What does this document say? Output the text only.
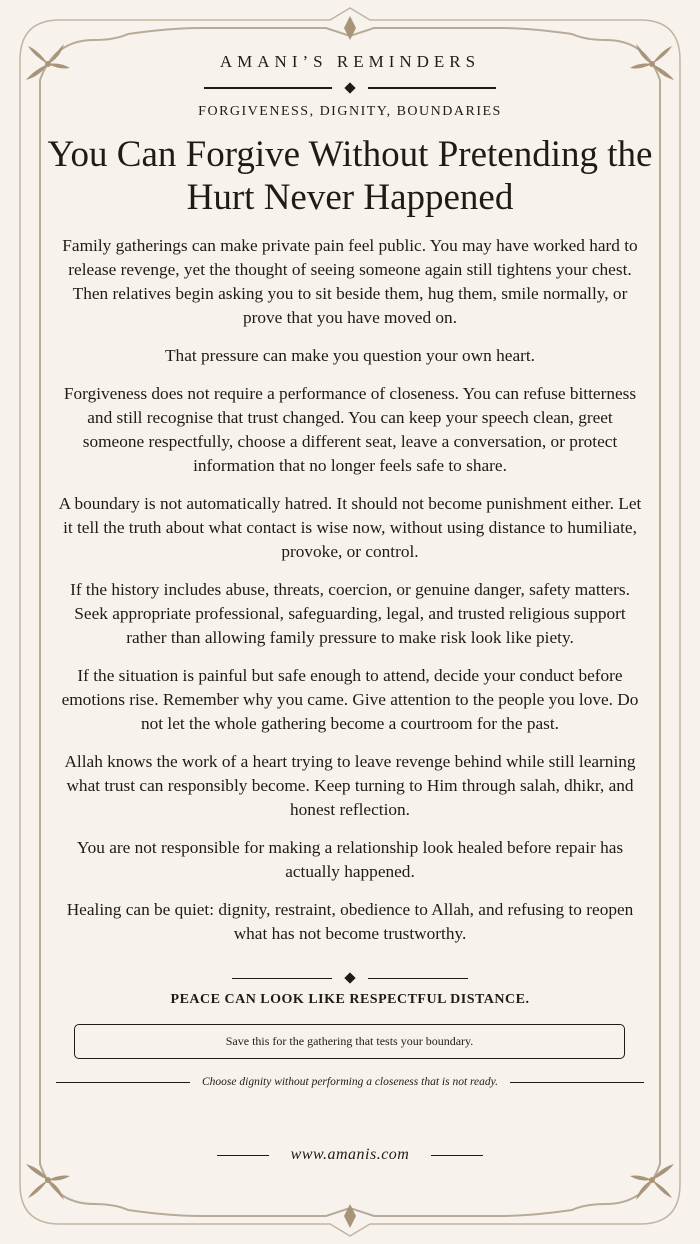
AMANI’S REMINDERS
FORGIVENESS, DIGNITY, BOUNDARIES
You Can Forgive Without Pretending the Hurt Never Happened

Family gatherings can make private pain feel public. You may have worked hard to release revenge, yet the thought of seeing someone again still tightens your chest. Then relatives begin asking you to sit beside them, hug them, smile normally, or prove that you have moved on.

That pressure can make you question your own heart.

Forgiveness does not require a performance of closeness. You can refuse bitterness and still recognise that trust changed. You can keep your speech clean, greet someone respectfully, choose a different seat, leave a conversation, or protect information that no longer feels safe to share.

A boundary is not automatically hatred. It should not become punishment either. Let it tell the truth about what contact is wise now, without using distance to humiliate, provoke, or control.

If the history includes abuse, threats, coercion, or genuine danger, safety matters. Seek appropriate professional, safeguarding, legal, and trusted religious support rather than allowing family pressure to make risk look like piety.

If the situation is painful but safe enough to attend, decide your conduct before emotions rise. Remember why you came. Give attention to the people you love. Do not let the whole gathering become a courtroom for the past.

Allah knows the work of a heart trying to leave revenge behind while still learning what trust can responsibly become. Keep turning to Him through salah, dhikr, and honest reflection.

You are not responsible for making a relationship look healed before repair has actually happened.

Healing can be quiet: dignity, restraint, obedience to Allah, and refusing to reopen what has not become trustworthy.

PEACE CAN LOOK LIKE RESPECTFUL DISTANCE.
Save this for the gathering that tests your boundary.
Choose dignity without performing a closeness that is not ready.
www.amanis.com
